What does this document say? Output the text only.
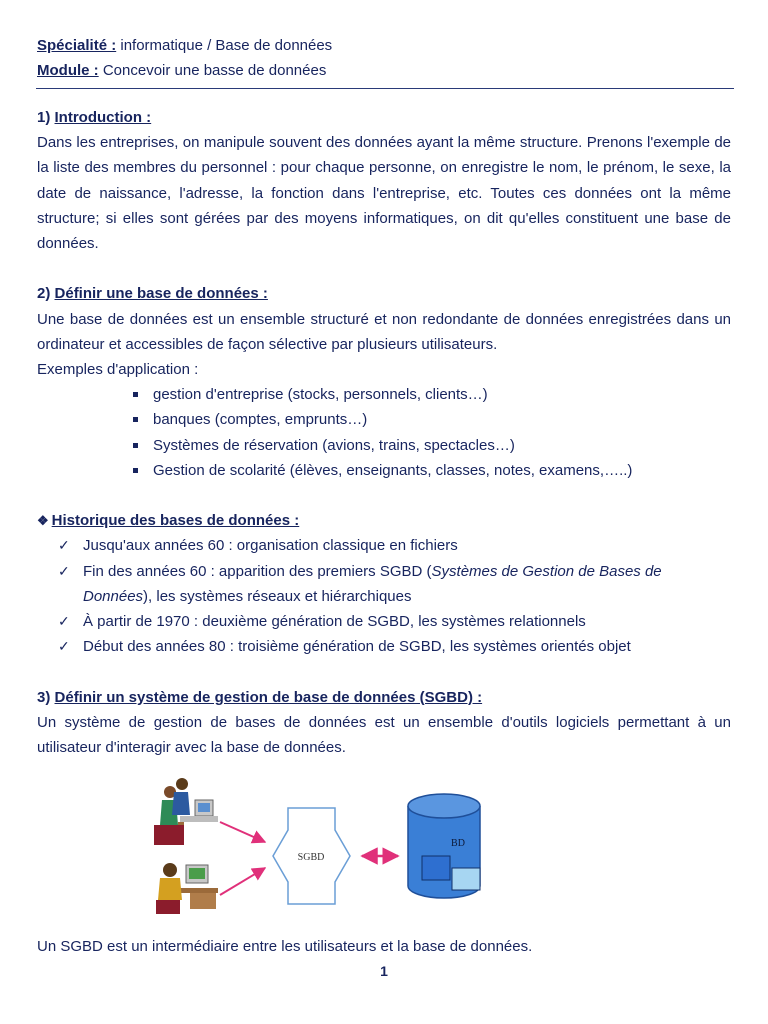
Spécialité : informatique / Base de données
Module : Concevoir une basse de données
1) Introduction :

Dans les entreprises, on manipule souvent des données ayant la même structure. Prenons l'exemple de la liste des membres du personnel : pour chaque personne, on enregistre le nom, le prénom, le sexe, la date de naissance, l'adresse, la fonction dans l'entreprise, etc. Toutes ces données ont la même structure; si elles sont gérées par des moyens informatiques, on dit qu'elles constituent une base de données.

2) Définir une base de données :

Une base de données est un ensemble structuré et non redondante de données enregistrées dans un ordinateur et accessibles de façon sélective par plusieurs utilisateurs.

Exemples d'application :
gestion d'entreprise (stocks, personnels, clients…)
banques (comptes, emprunts…)
Systèmes de réservation (avions, trains, spectacles…)
Gestion de scolarité (élèves, enseignants, classes, notes, examens,…..)
❖ Historique des bases de données :
✓ Jusqu'aux années 60 : organisation classique en fichiers
✓ Fin des années 60 : apparition des premiers SGBD (Systèmes de Gestion de Bases de Données), les systèmes réseaux et hiérarchiques
✓ À partir de 1970 : deuxième génération de SGBD, les systèmes relationnels
✓ Début des années 80 : troisième génération de SGBD, les systèmes orientés objet
3) Définir un système de gestion de base de données (SGBD) :

Un système de gestion de bases de données est un ensemble d'outils logiciels permettant à un utilisateur d'interagir avec la base de données.

SGBD
BD
Un SGBD est un intermédiaire entre les utilisateurs et la base de données.
1
